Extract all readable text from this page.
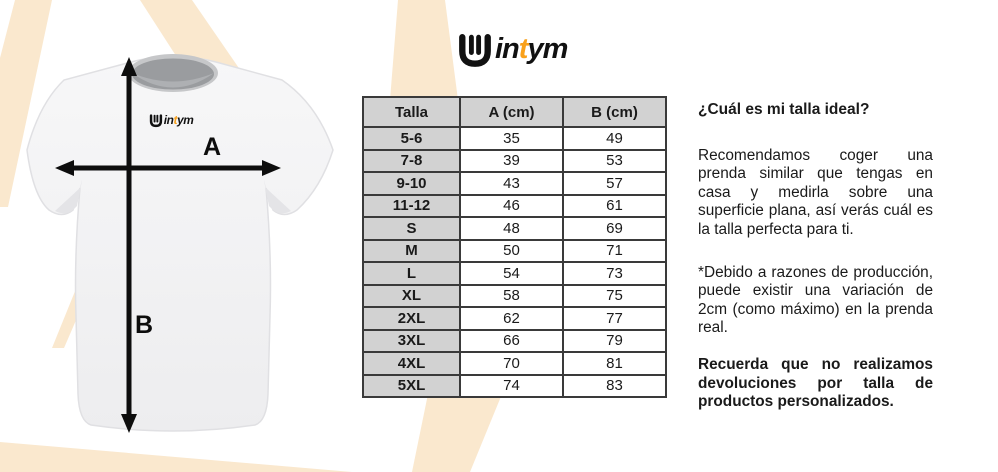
A
B
intym
intym
Talla	A (cm)	B (cm)
5-6	35	49
7-8	39	53
9-10	43	57
11-12	46	61
S	48	69
M	50	71
L	54	73
XL	58	75
2XL	62	77
3XL	66	79
4XL	70	81
5XL	74	83
¿Cuál es mi talla ideal?

Recomendamos coger una prenda similar que tengas en casa y medirla sobre una superficie plana, así verás cuál es la talla perfecta para ti.

*Debido a razones de producción, puede existir una variación de 2cm (como máximo) en la prenda real.

Recuerda que no realizamos devoluciones por talla de productos personalizados.
